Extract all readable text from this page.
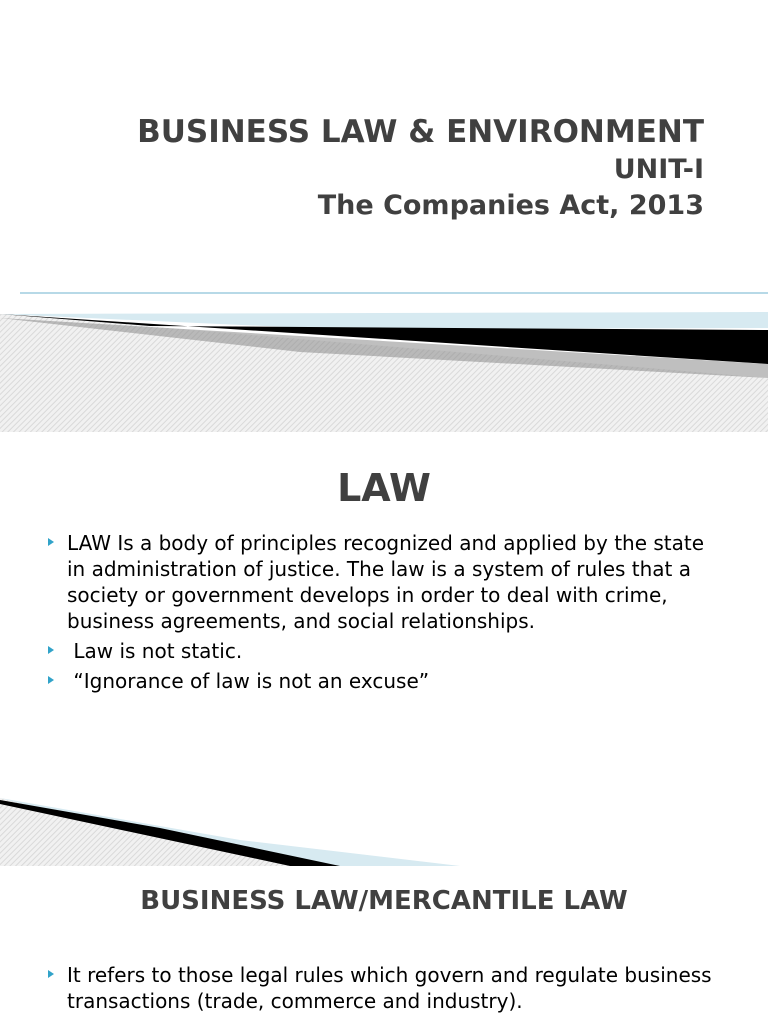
BUSINESS LAW & ENVIRONMENT
UNIT-I
The Companies Act, 2013
LAW
LAW Is a body of principles recognized and applied by the state in administration of justice. The law is a system of rules that a society or government develops in order to deal with crime, business agreements, and social relationships.
Law is not static.
“Ignorance of law is not an excuse”
BUSINESS LAW/MERCANTILE LAW
It refers to those legal rules which govern and regulate business transactions (trade, commerce and industry).
